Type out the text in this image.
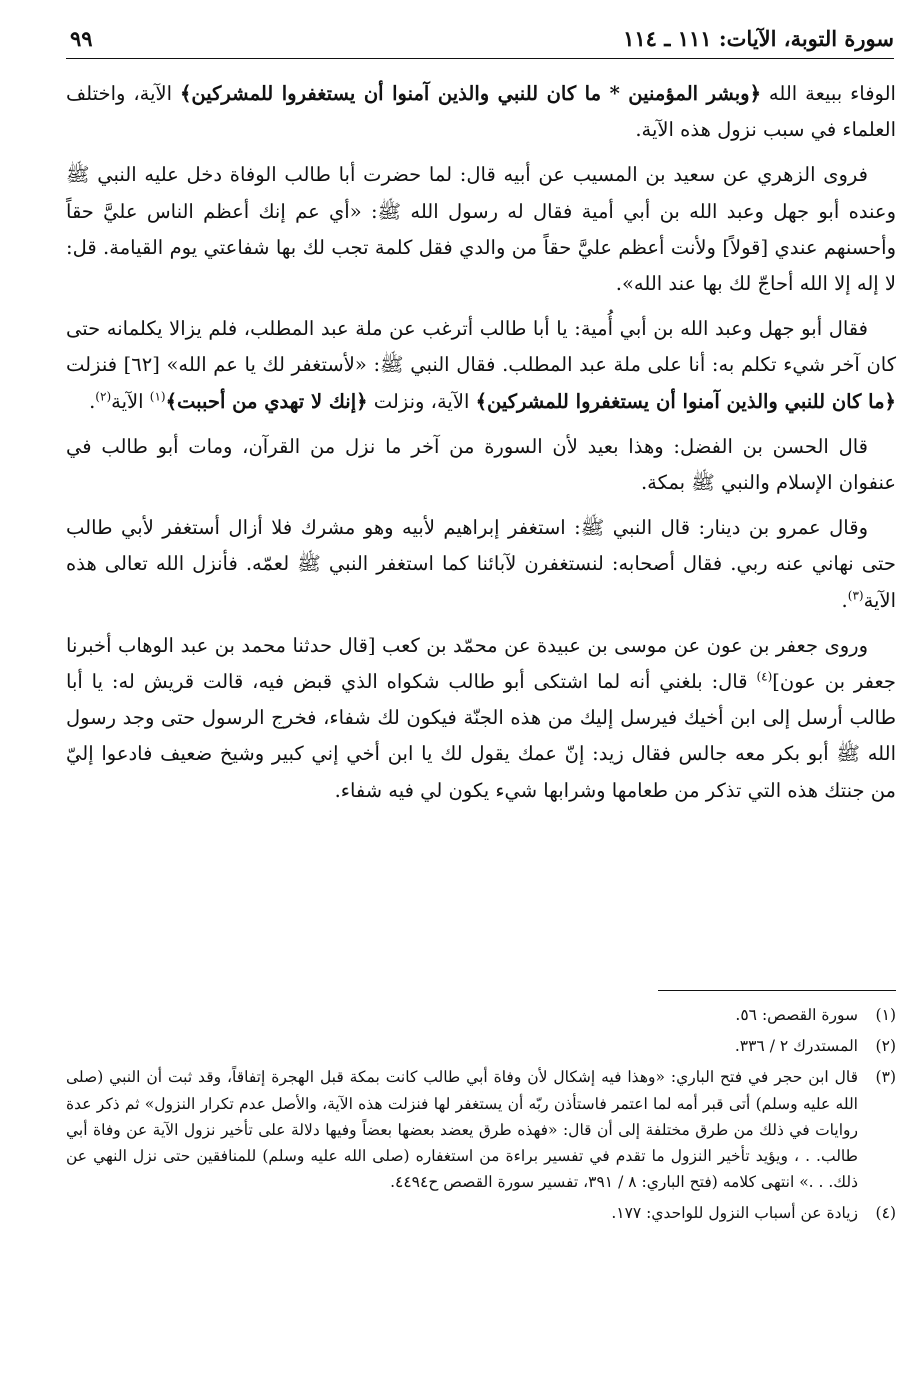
سورة التوبة، الآيات: ١١١ ـ ١١٤
٩٩

الوفاء ببيعة الله ﴿وبشر المؤمنين * ما كان للنبي والذين آمنوا أن يستغفروا للمشركين﴾ الآية، واختلف العلماء في سبب نزول هذه الآية.

فروى الزهري عن سعيد بن المسيب عن أبيه قال: لما حضرت أبا طالب الوفاة دخل عليه النبي ﷺ وعنده أبو جهل وعبد الله بن أبي أمية فقال له رسول الله ﷺ: «أي عم إنك أعظم الناس عليَّ حقاً وأحسنهم عندي [قولاً] ولأنت أعظم عليَّ حقاً من والدي فقل كلمة تجب لك بها شفاعتي يوم القيامة. قل: لا إله إلا الله أحاجّ لك بها عند الله».

فقال أبو جهل وعبد الله بن أبي أُمية: يا أبا طالب أترغب عن ملة عبد المطلب، فلم يزالا يكلمانه حتى كان آخر شيء تكلم به: أنا على ملة عبد المطلب. فقال النبي ﷺ: «لأستغفر لك يا عم الله» [٦٢] فنزلت ﴿ما كان للنبي والذين آمنوا أن يستغفروا للمشركين﴾ الآية، ونزلت ﴿إنك لا تهدي من أحببت﴾$^{(١)}$ الآية$^{(٢)}$.

قال الحسن بن الفضل: وهذا بعيد لأن السورة من آخر ما نزل من القرآن، ومات أبو طالب في عنفوان الإسلام والنبي ﷺ بمكة.

وقال عمرو بن دينار: قال النبي ﷺ: استغفر إبراهيم لأبيه وهو مشرك فلا أزال أستغفر لأبي طالب حتى نهاني عنه ربي. فقال أصحابه: لنستغفرن لآبائنا كما استغفر النبي ﷺ لعمّه. فأنزل الله تعالى هذه الآية$^{(٣)}$.

وروى جعفر بن عون عن موسى بن عبيدة عن محمّد بن كعب [قال حدثنا محمد بن عبد الوهاب أخبرنا جعفر بن عون]$^{(٤)}$ قال: بلغني أنه لما اشتكى أبو طالب شكواه الذي قبض فيه، قالت قريش له: يا أبا طالب أرسل إلى ابن أخيك فيرسل إليك من هذه الجنّة فيكون لك شفاء، فخرج الرسول حتى وجد رسول الله ﷺ أبو بكر معه جالس فقال زيد: إنّ عمك يقول لك يا ابن أخي إني كبير وشيخ ضعيف فادعوا إليّ من جنتك هذه التي تذكر من طعامها وشرابها شيء يكون لي فيه شفاء.

(١)
سورة القصص: ٥٦.
(٢)
المستدرك ٢ / ٣٣٦.
(٣)
قال ابن حجر في فتح الباري: «وهذا فيه إشكال لأن وفاة أبي طالب كانت بمكة قبل الهجرة إتفاقاً، وقد ثبت أن النبي (صلى الله عليه وسلم) أتى قبر أمه لما اعتمر فاستأذن ربّه أن يستغفر لها فنزلت هذه الآية، والأصل عدم تكرار النزول» ثم ذكر عدة روايات في ذلك من طرق مختلفة إلى أن قال: «فهذه طرق يعضد بعضها بعضاً وفيها دلالة على تأخير نزول الآية عن وفاة أبي طالب. . ، ويؤيد تأخير النزول ما تقدم في تفسير براءة من استغفاره (صلى الله عليه وسلم) للمنافقين حتى نزل النهي عن ذلك. . .» انتهى كلامه (فتح الباري: ٨ / ٣٩١، تفسير سورة القصص ح٤٤٩٤.
(٤)
زيادة عن أسباب النزول للواحدي: ١٧٧.
